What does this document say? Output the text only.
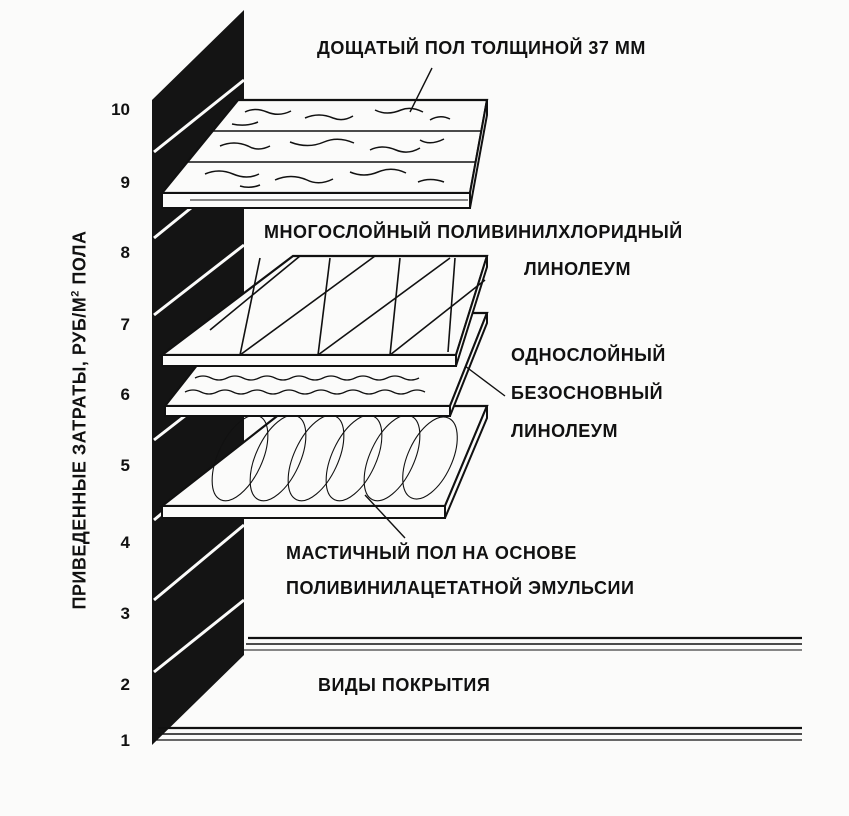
10
9
8
7
6
5
4
3
2
1
ПРИВЕДЕННЫЕ ЗАТРАТЫ, РУБ/$М^2$ ПОЛА
ДОЩАТЫЙ ПОЛ ТОЛЩИНОЙ 37 ММ
МНОГОСЛОЙНЫЙ ПОЛИВИНИЛХЛОРИДНЫЙ
ЛИНОЛЕУМ
ОДНОСЛОЙНЫЙ
БЕЗОСНОВНЫЙ
ЛИНОЛЕУМ
МАСТИЧНЫЙ ПОЛ НА ОСНОВЕ
ПОЛИВИНИЛАЦЕТАТНОЙ ЭМУЛЬСИИ
ВИДЫ ПОКРЫТИЯ
